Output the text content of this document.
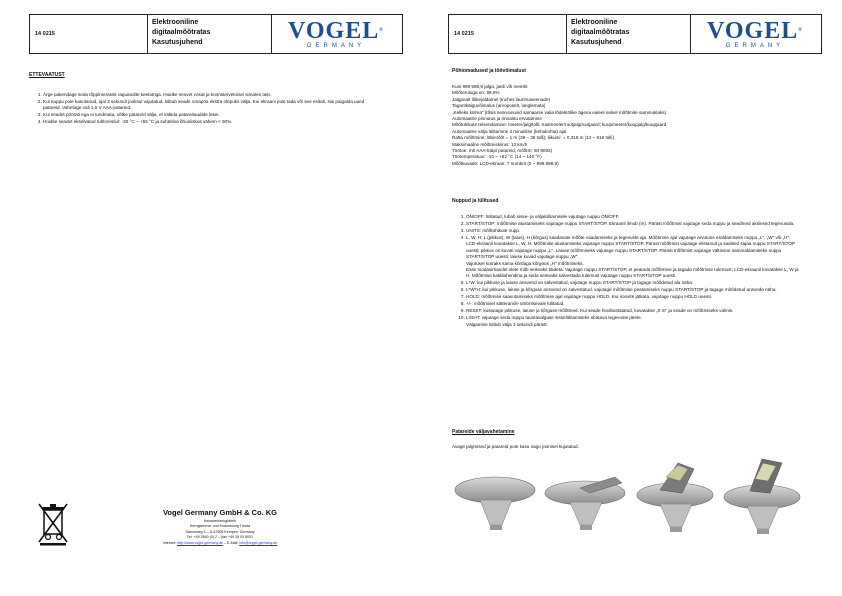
14 0215
Elektrooniline
digitaalmõõtratas
Kasutusjuhend	VOGEL®
GERMANY
ETTEVAATUST
1. Ärge pakendage seda tõppimerasist raguandite keelatnga. Hoidke seovet vosat ja konnstervetnisel simates tast.
2. Kui nuppu pole kasutanud, ajal 3 sekundi jooksul vajutatud, lülitub seade omapöa ekstra olepuks välja. Kui ekraani pole tada või see esitati, siis paigalda uued patareid. Vahetage vali 1,5 V AAA-patareid.
3. Kui seadet pöörati ega ei tundmata, võtke patareid välja, et vältida patareitaudide lekei.
4. Hoidke seadet ekselvatud tuhlorestiul: -30 °C ~ +55 °C ja suhteline õhuniiskus vähem < 90%.
Vogel Germany GmbH & Co. KG
Kesswerkzeugfabrik
Kernglemmer und Knaustuung Trenta
Dammweg 4 – D-47906 Kempen, Germany
Tel. +49 2840 (0) 2 – (fax +49 28 00 8001
Internet: http://www.vogel-germany.de – E-Mail: info@vogel-germany.de
14 0215
Elektrooniline
digitaalmõõtratas
Kasutusjuhend	VOGEL®
GERMANY
Põhiomadused ja töövõimalust
Kuni 999 999,9 jalga, jardi või meetrit
Mõõteruluga on: 99,9%
Jalgpealt lõikejaldamel (Inches laurimaseenade)
Tagantkäiguvõimalus (arvoposelt, langlemata)
„Kelleks külma" (tõsis seorvanuvid samaarse valia lõdektölike ägena ealeel salsel mõõtmite sammuklaks)
Automaatne pinnutus ja rinnastu ervutamine
Mõõtühikute teisendamine: meeter/jalg/tolli; ruutmeeter/ruutjalg/ruutjaard; kuupmeeter/kuupjalg/kuupjaard
Automaatne välja lülitamine 3 minutilise (kehakohta) ajal
Ratta mõõtmine: läbimõõt = 1 m (39 – 38 tolli); liikumi: = 0,318 m (12 – 916 tolli)
Maksimaalne mõõtmiskiirus: 13 km/h
Töötoe: mt! AAA-tüüpi patareid, mõõtm: 50 8093)
Töötemperatuur: -10 ~ +62 °C (14 ~ 140 °F)
Mõõtkuvade: LCD-ekraan; 7 numbrit (0 ~ 999.999,9)
Nuppud ja lülitused
1. ON/OFF: lülitatud, lubab sisse- ja väljalülitamisele vajutage nuppu ON/OFF.
2. START/STOP: mõõtmise alustamiseks vajutage nuppu START/STOP. Ekraanil ilmub (m). Pärast mõõtmist vajutage seda nuppu ja seadmed aktiivsed tegevusala.
3. UNITS: mõõtühikute nupp.
4. L, W, H: L (pikkus), W (laius), H (kõrgus) saadavate mõõte vaadamiseks ja tegevuste aja. Mõõtmine ajal vajutage arvutuse eraldamiseks nuppu „L", „W" või „H". LCD-ekraanil kuvatakse L, W, H. Mõõtmise alustamiseks vajutage nuppu START/STOP. Pärast mõõtmist vajutage elistanud ja saalsed sajaa nuppu START/STOP uuesti; pikkus on kuvati vajutage nuppu „L". Laiuse mõõtmiseks vajutage nuppu START/STOP. Pärast mõõtmist vajutage vältimine sammaldamiseks nuppu START/STOP uuesti; laiuse kuvad vajutage nuppu „W".
Vajutusel korraks sama kõrdaga kõrgeus „H" mõõtmiseks.
Esse toodavirkandel olete mõti seisvaks täideta. Vajutage nuppu START/STOP, et peatada mõõtmine ja tagada mõõtmise tulemust; LCD-ekraanil kuvatakse L, W ja H. Mõõtmise kaldilahendina ja seda seisvaks salvestada tulemust vajutage nuppu START/STOP uuesti.
5. L*W: kui pikkuse ja laiuse ansvend on salvestatud, vajutage nuppu START/STOP ja tagage mõõdetud ala näha.
6. L*W*H: kui pikkuse, laiuse ja kõrguse ansvend on salvestatud, vajutage mõõtmise peatamiseks nuppu START/STOP ja tagage mõõdetud ansvede näha.
7. HOLD: mõõtmise saavutamiseks mõõtmise ajal vajutage nuppu HOLD. Kui soovite jätkata, vajutage nuppu HOLD uuesti.
8. +/-: mõõtmisel sätteramile ümbritsevale lülitatud.
9. RESET: kustutage pikkuse, laiuse ja kõrguse mõõtmed. Kui seade hoolitustatatud, kuvatakse „0 m" ja seade on mõõtmiseks valmis.
10. LIGHT: vajutage seda nuppu taustavalguse sisselülitamiseks ebatava tegevuste järele.
Välgamine lülitub välja 3 sekundi pärast.
Patareide väljavahetamine
Avage jalgmised ja patareid pole kasu nagu joonisel kujutatud.
